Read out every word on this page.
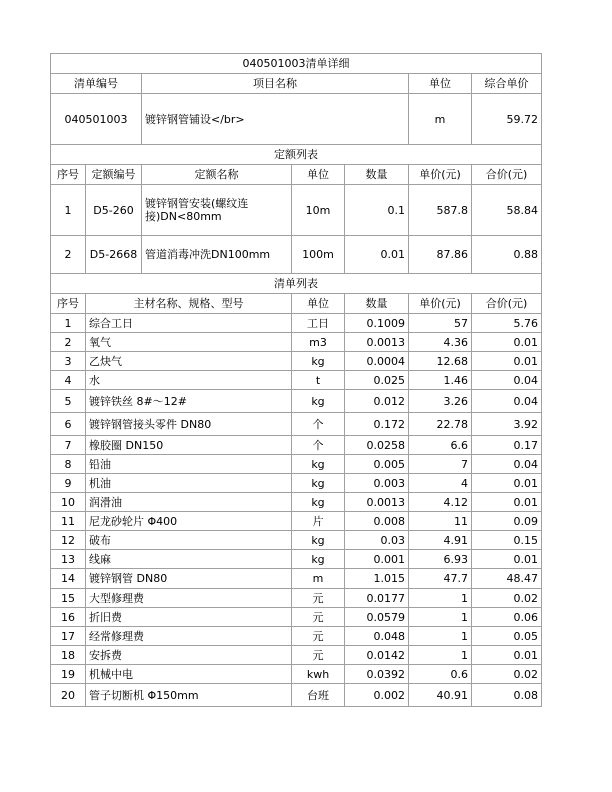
040501003清单详细						
清单编号		项目名称			单位	综合单价
040501003		镀锌钢管铺设</br>			m	59.72
定额列表						
序号	定额编号	定额名称	单位	数量	单价(元)	合价(元)
1	D5-260	镀锌钢管安装(螺纹连接)DN<80mm	10m	0.1	587.8	58.84
2	D5-2668	管道消毒冲洗DN100mm	100m	0.01	87.86	0.88
清单列表						
序号	主材名称、规格、型号		单位	数量	单价(元)	合价(元)
1	综合工日		工日	0.1009	57	5.76
2	氧气		m3	0.0013	4.36	0.01
3	乙炔气		kg	0.0004	12.68	0.01
4	水		t	0.025	1.46	0.04
5	镀锌铁丝 8#～12#		kg	0.012	3.26	0.04
6	镀锌钢管接头零件 DN80		个	0.172	22.78	3.92
7	橡胶圈 DN150		个	0.0258	6.6	0.17
8	铅油		kg	0.005	7	0.04
9	机油		kg	0.003	4	0.01
10	润滑油		kg	0.0013	4.12	0.01
11	尼龙砂轮片 Φ400		片	0.008	11	0.09
12	破布		kg	0.03	4.91	0.15
13	线麻		kg	0.001	6.93	0.01
14	镀锌钢管 DN80		m	1.015	47.7	48.47
15	大型修理费		元	0.0177	1	0.02
16	折旧费		元	0.0579	1	0.06
17	经常修理费		元	0.048	1	0.05
18	安拆费		元	0.0142	1	0.01
19	机械中电		kwh	0.0392	0.6	0.02
20	管子切断机 Φ150mm		台班	0.002	40.91	0.08
